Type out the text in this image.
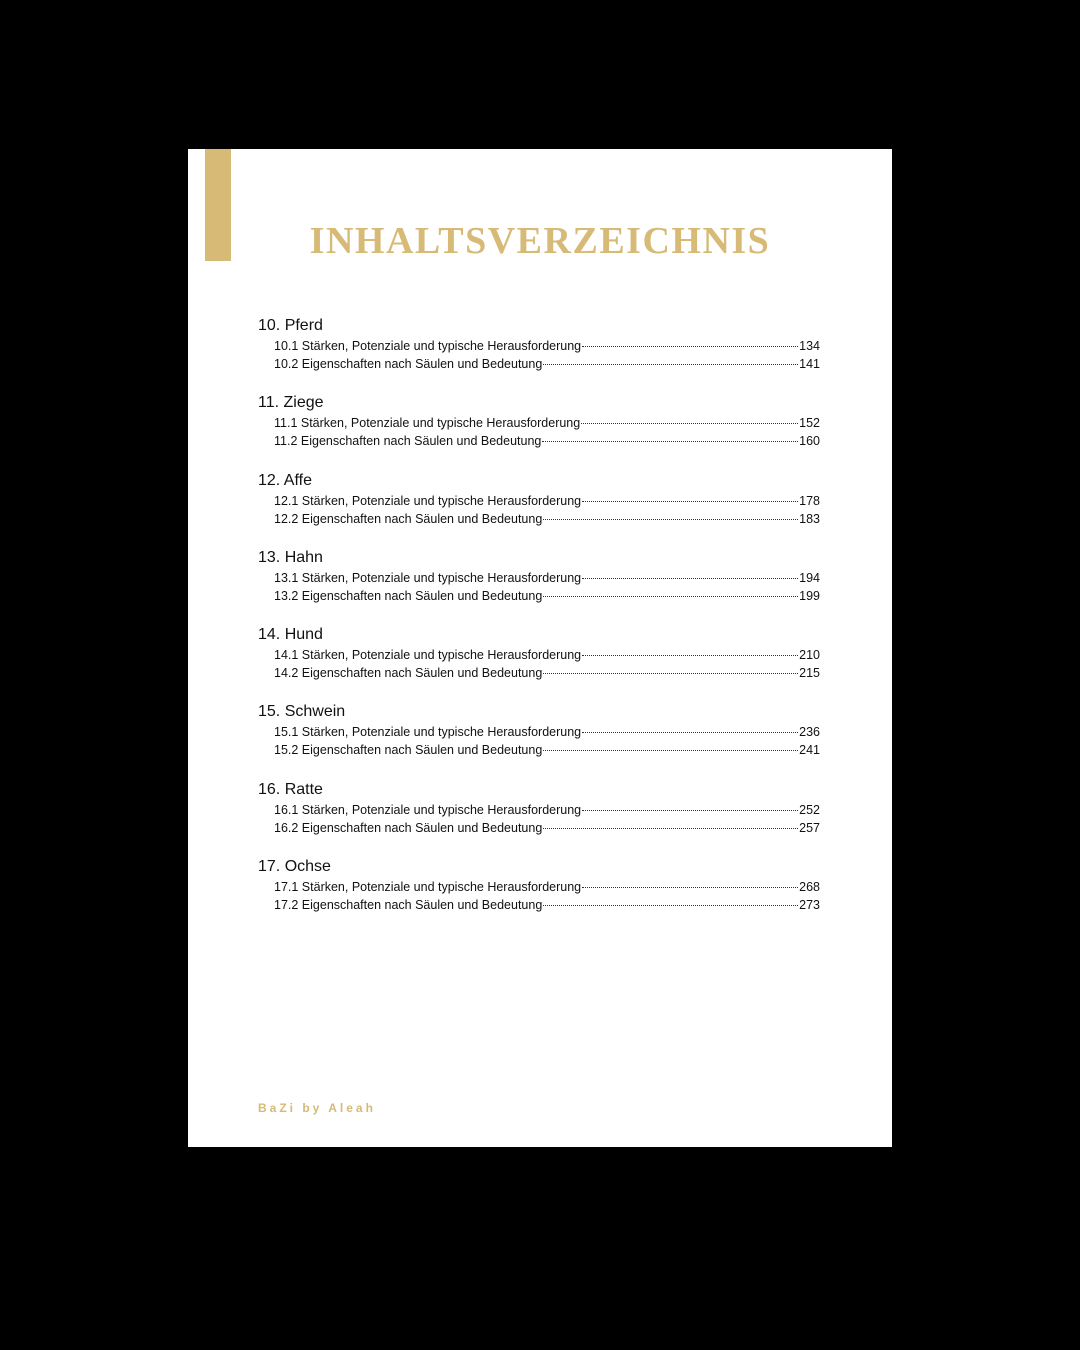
INHALTSVERZEICHNIS
10. Pferd
10.1 Stärken, Potenziale und typische Herausforderung	134
10.2 Eigenschaften nach Säulen und Bedeutung	141
11. Ziege
11.1 Stärken, Potenziale und typische Herausforderung	152
11.2 Eigenschaften nach Säulen und Bedeutung	160
12. Affe
12.1 Stärken, Potenziale und typische Herausforderung	178
12.2 Eigenschaften nach Säulen und Bedeutung	183
13. Hahn
13.1 Stärken, Potenziale und typische Herausforderung	194
13.2 Eigenschaften nach Säulen und Bedeutung	199
14. Hund
14.1 Stärken, Potenziale und typische Herausforderung	210
14.2 Eigenschaften nach Säulen und Bedeutung	215
15. Schwein
15.1 Stärken, Potenziale und typische Herausforderung	236
15.2 Eigenschaften nach Säulen und Bedeutung	241
16. Ratte
16.1 Stärken, Potenziale und typische Herausforderung	252
16.2 Eigenschaften nach Säulen und Bedeutung	257
17. Ochse
17.1 Stärken, Potenziale und typische Herausforderung	268
17.2 Eigenschaften nach Säulen und Bedeutung	273
BaZi by Aleah
